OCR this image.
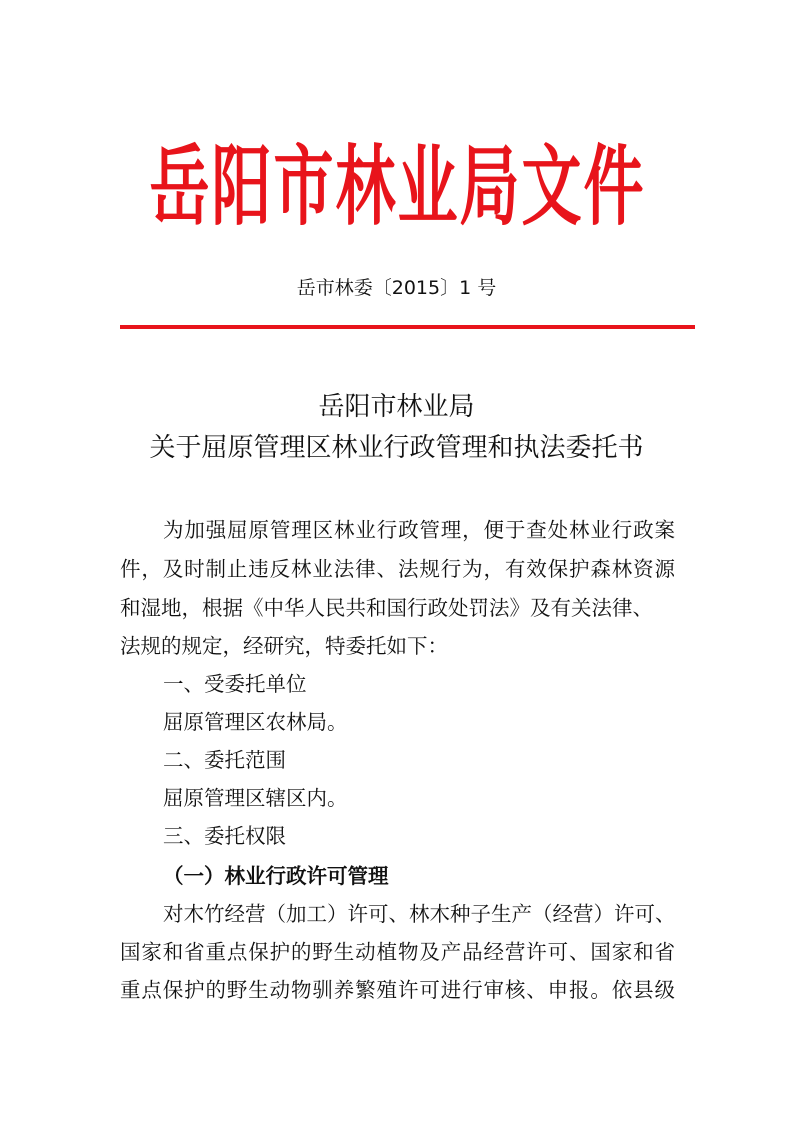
岳阳市林业局文件
岳市林委〔2015〕1 号
岳阳市林业局
关于屈原管理区林业行政管理和执法委托书
为加强屈原管理区林业行政管理，便于查处林业行政案
件，及时制止违反林业法律、法规行为，有效保护森林资源
和湿地，根据《中华人民共和国行政处罚法》及有关法律、
法规的规定，经研究，特委托如下：
一、受委托单位
屈原管理区农林局。
二、委托范围
屈原管理区辖区内。
三、委托权限
（一）林业行政许可管理
对木竹经营（加工）许可、林木种子生产（经营）许可、
国家和省重点保护的野生动植物及产品经营许可、国家和省
重点保护的野生动物驯养繁殖许可进行审核、申报。依县级
